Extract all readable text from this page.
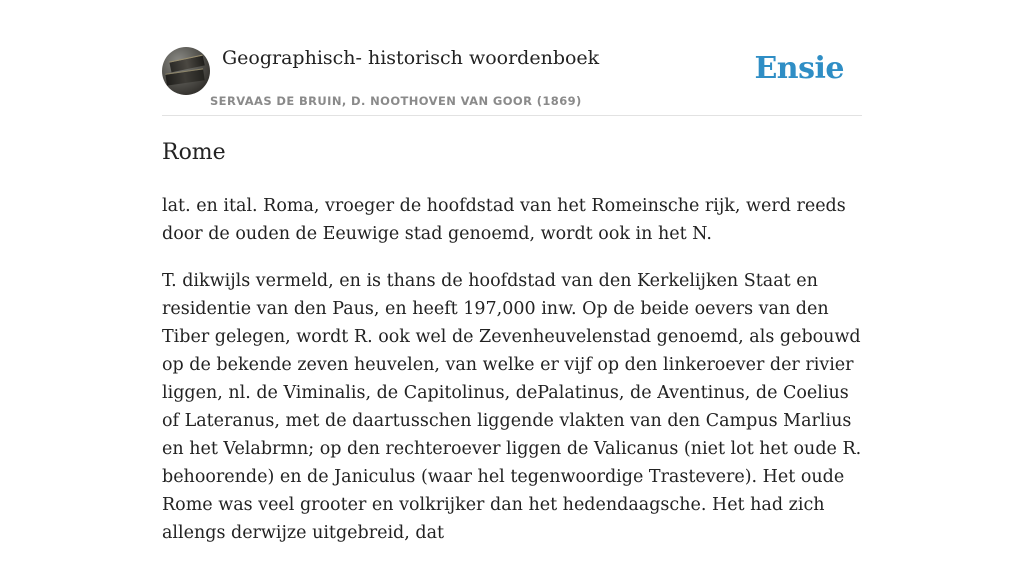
Geographisch- historisch woordenboek
SERVAAS DE BRUIN, D. NOOTHOVEN VAN GOOR (1869)
Ensie
Rome

lat. en ital. Roma, vroeger de hoofdstad van het Romeinsche rijk, werd reeds door de ouden de Eeuwige stad genoemd, wordt ook in het N.

T. dikwijls vermeld, en is thans de hoofdstad van den Kerkelijken Staat en residentie van den Paus, en heeft 197,000 inw. Op de beide oevers van den Tiber gelegen, wordt R. ook wel de Zevenheuvelenstad genoemd, als gebouwd op de bekende zeven heuvelen, van welke er vijf op den linkeroever der rivier liggen, nl. de Viminalis, de Capitolinus, dePalatinus, de Aventinus, de Coelius of Lateranus, met de daartusschen liggende vlakten van den Campus Marlius en het Velabrmn; op den rechteroever liggen de Valicanus (niet lot het oude R. behoorende) en de Janiculus (waar hel tegenwoordige Trastevere). Het oude Rome was veel grooter en volkrijker dan het hedendaagsche. Het had zich allengs derwijze uitgebreid, dat
